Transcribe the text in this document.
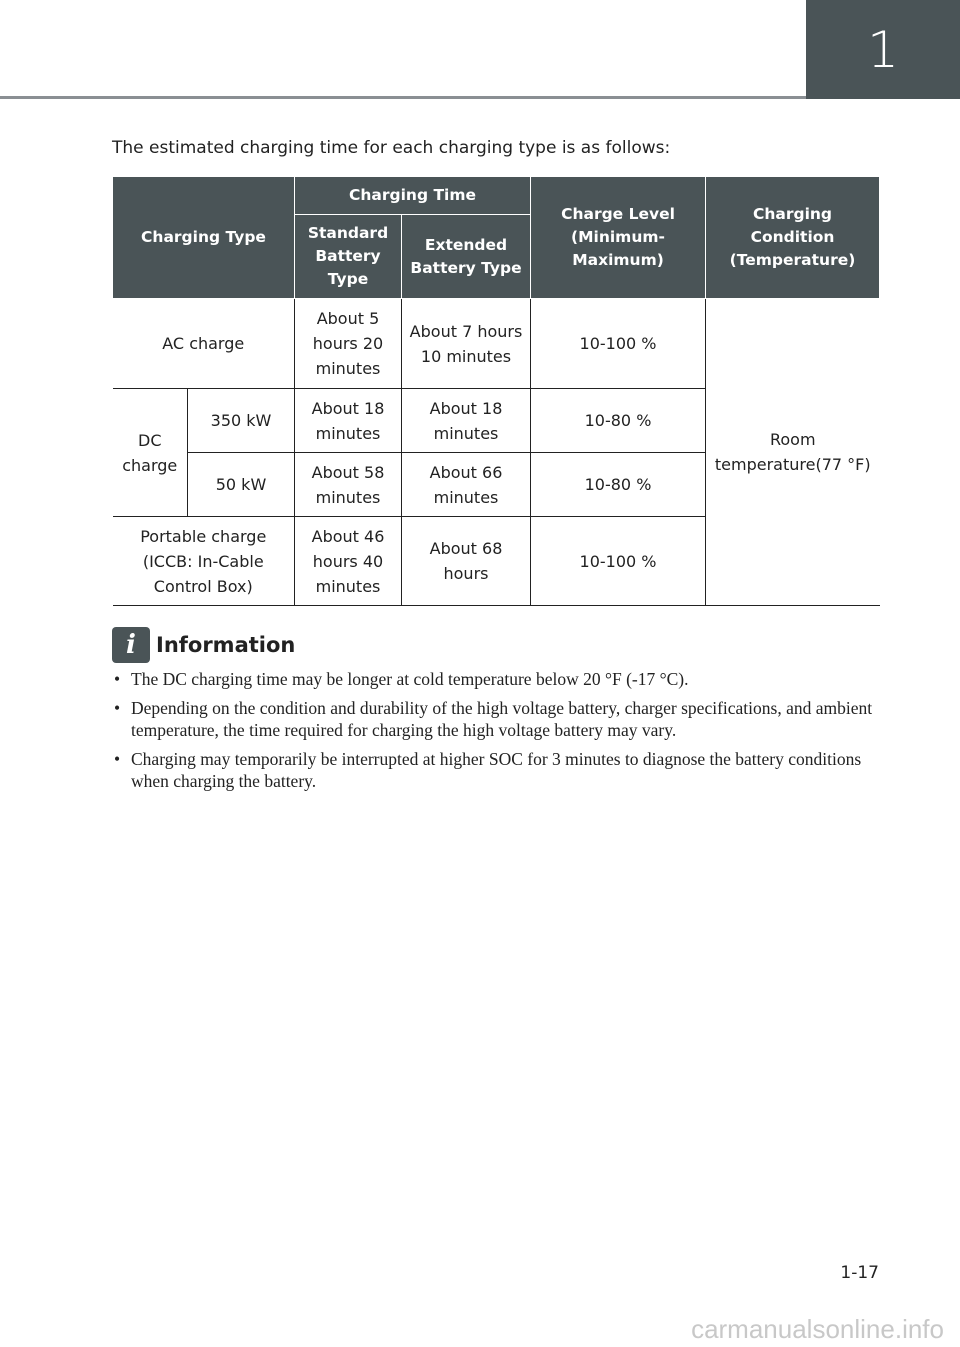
1
The estimated charging time for each charging type is as follows:
Charging Type		Charging Time		Charge Level (Minimum-Maximum)	Charging Condition (Temperature)
		Standard Battery Type	Extended Battery Type		
AC charge		About 5 hours 20 minutes	About 7 hours 10 minutes	10-100 %	Room temperature(77 °F)
DC charge	350 kW	About 18 minutes	About 18 minutes	10-80 %	
	50 kW	About 58 minutes	About 66 minutes	10-80 %	
Portable charge (ICCB: In-Cable Control Box)		About 46 hours 40 minutes	About 68 hours	10-100 %	
i Information
• The DC charging time may be longer at cold temperature below 20 °F (-17 °C).
• Depending on the condition and durability of the high voltage battery, charger specifications, and ambient temperature, the time required for charging the high voltage battery may vary.
• Charging may temporarily be interrupted at higher SOC for 3 minutes to diagnose the battery conditions when charging the battery.
1-17
carmanualsonline.info
